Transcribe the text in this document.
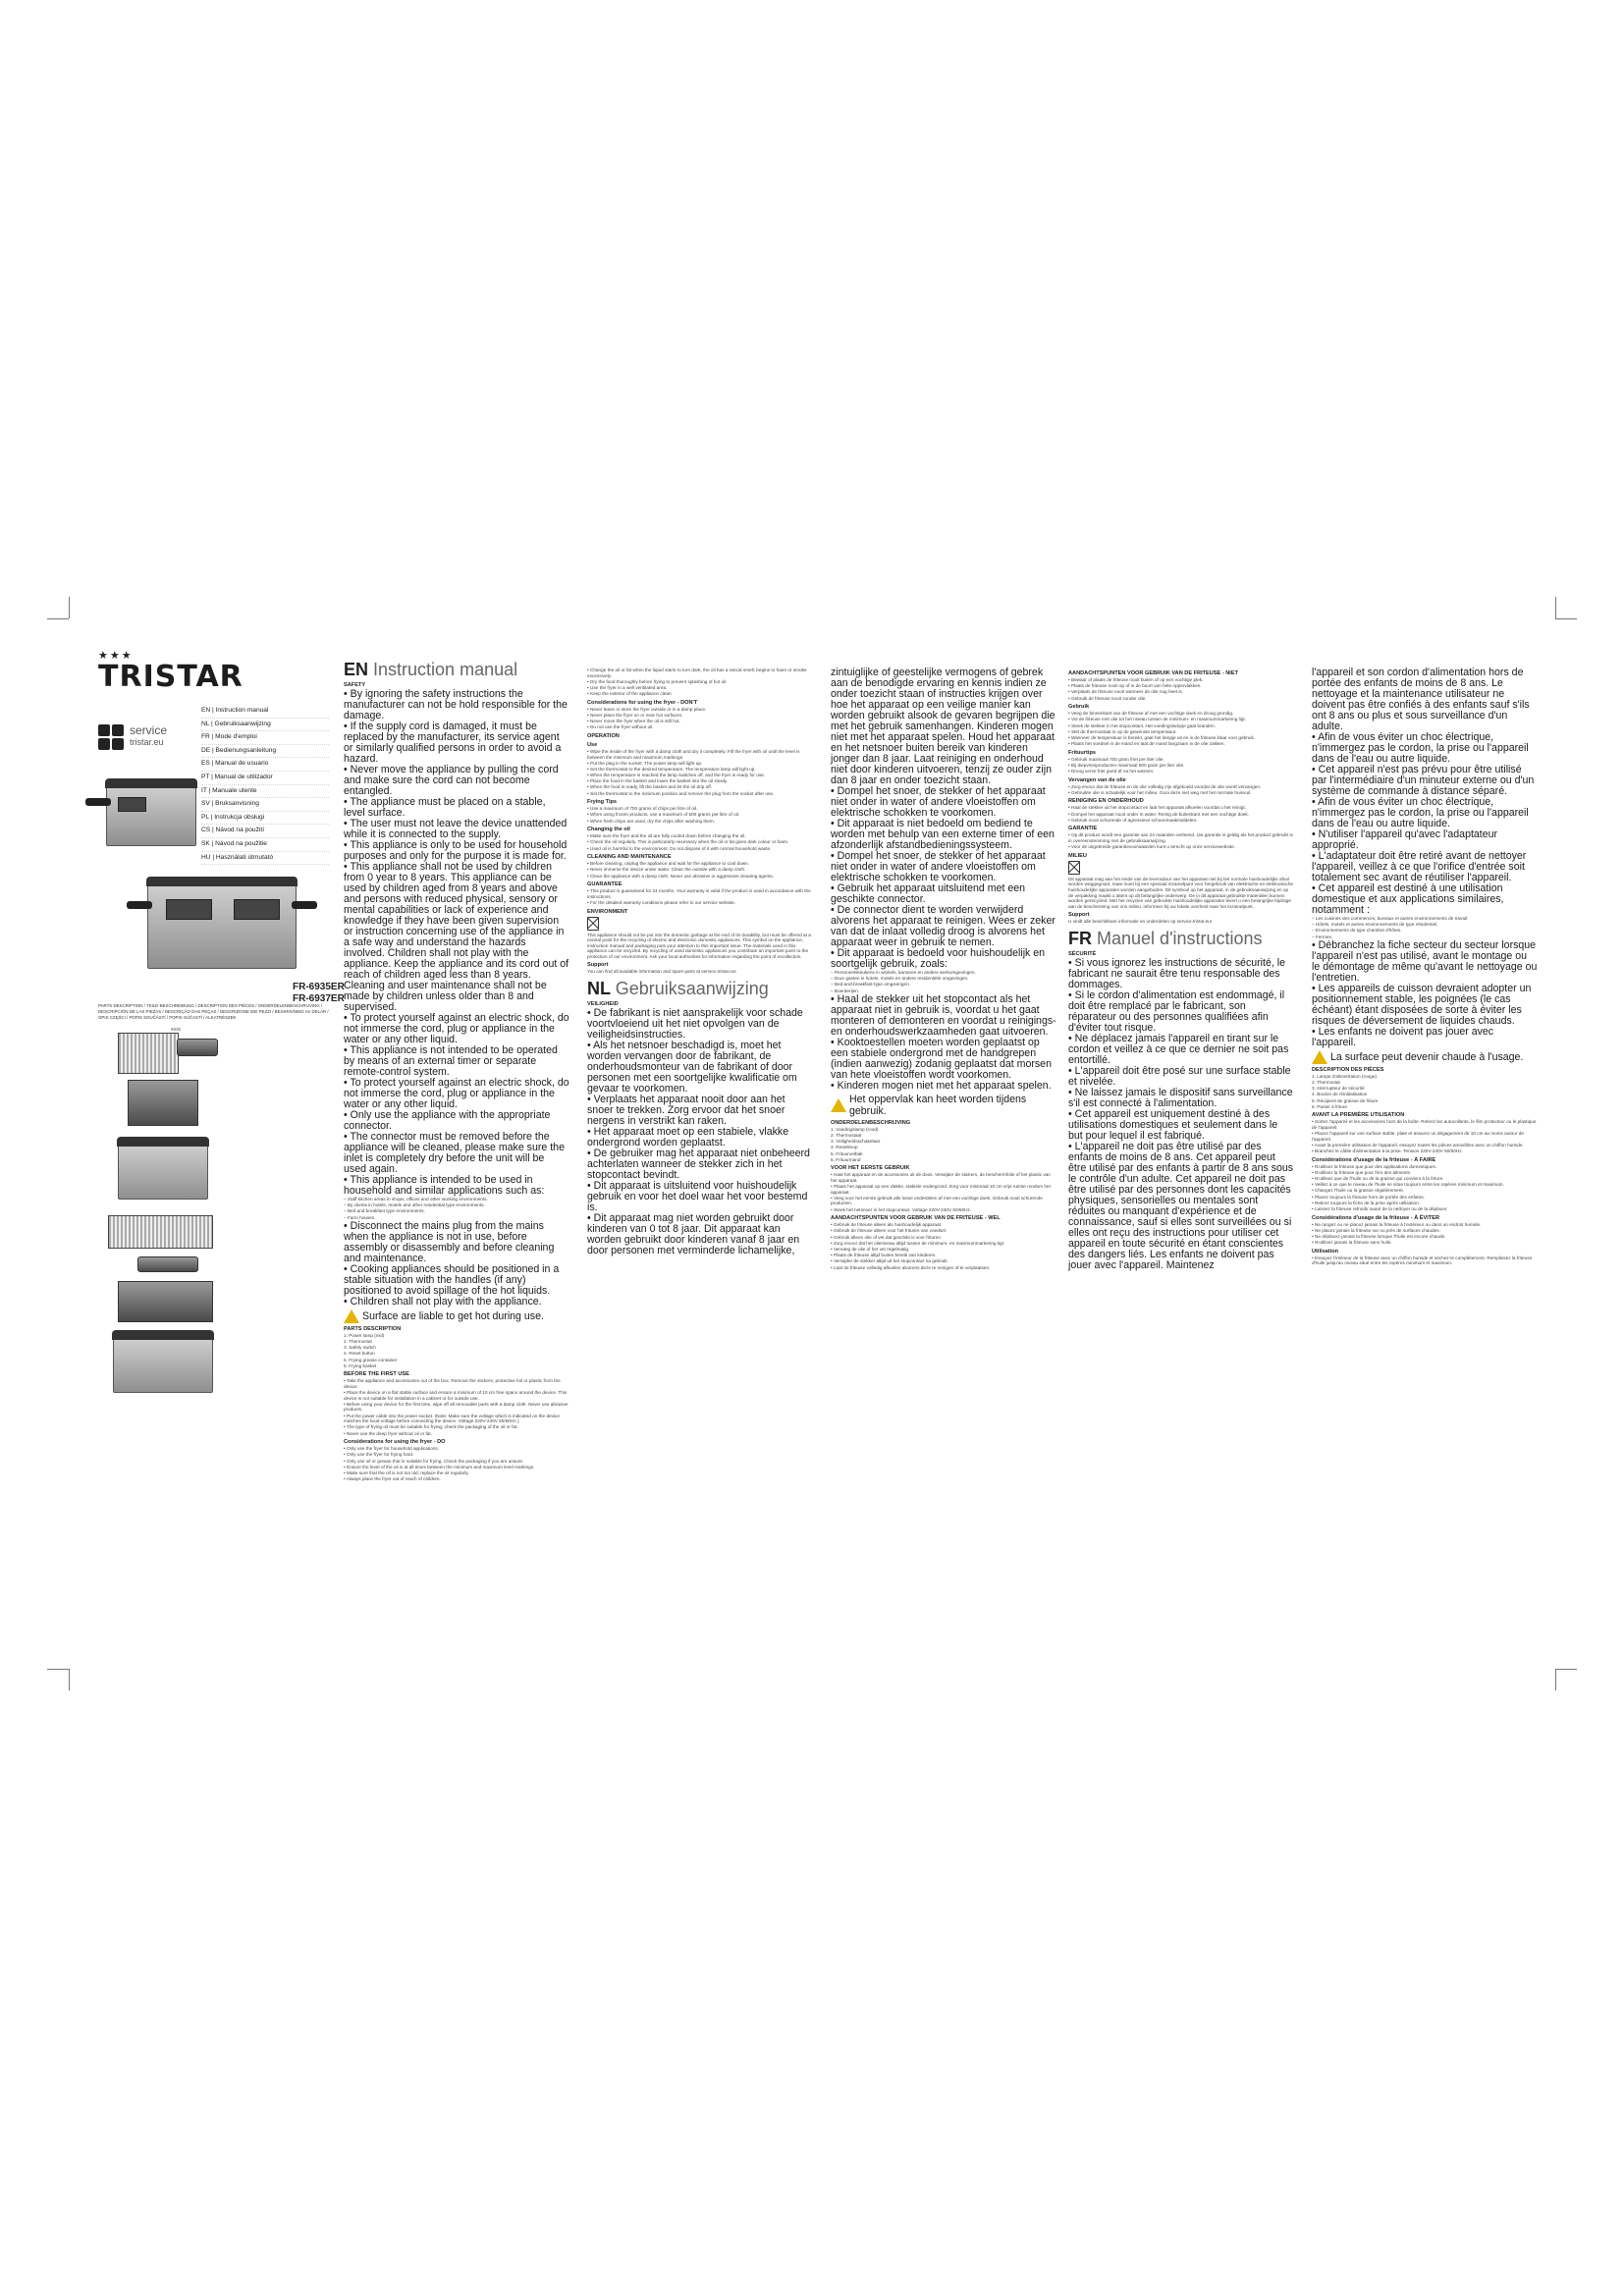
★★★
TRISTAR
service
tristar.eu
EN | Instruction manual
NL | Gebruiksaanwijzing
FR | Mode d'emploi
DE | Bedienungsanleitung
ES | Manual de usuario
PT | Manual de utilizador
IT | Manuale utente
SV | Bruksanvisning
PL | Instrukcja obsługi
CS | Návod na použití
SK | Návod na použitie
HU | Használati útmutató
FR-6935ER
FR-6937ER
PARTS DESCRIPTION / TEILE-BESCHREIBUNG / DESCRIPTION DES PIÈCES / ONDERDELENBESCHRIJVING / DESCRIPCIÓN DE LAS PIEZAS / DESCRIÇÃO DAS PEÇAS / DESCRIZIONE DEI PEZZI / BESKRIVNING AV DELAR / OPIS CZĘŚCI / POPIS SOUČÁSTÍ / POPIS SÚČASTÍ / ALKATRÉSZEK
6935
EN Instruction manual
SAFETY

• By ignoring the safety instructions the manufacturer can not be hold responsible for the damage.

• If the supply cord is damaged, it must be replaced by the manufacturer, its service agent or similarly qualified persons in order to avoid a hazard.

• Never move the appliance by pulling the cord and make sure the cord can not become entangled.

• The appliance must be placed on a stable, level surface.

• The user must not leave the device unattended while it is connected to the supply.

• This appliance is only to be used for household purposes and only for the purpose it is made for.

• This appliance shall not be used by children from 0 year to 8 years. This appliance can be used by children aged from 8 years and above and persons with reduced physical, sensory or mental capabilities or lack of experience and knowledge if they have been given supervision or instruction concerning use of the appliance in a safe way and understand the hazards involved. Children shall not play with the appliance. Keep the appliance and its cord out of reach of children aged less than 8 years. Cleaning and user maintenance shall not be made by children unless older than 8 and supervised.

• To protect yourself against an electric shock, do not immerse the cord, plug or appliance in the water or any other liquid.

• This appliance is not intended to be operated by means of an external timer or separate remote-control system.

• To protect yourself against an electric shock, do not immerse the cord, plug or appliance in the water or any other liquid.

• Only use the appliance with the appropriate connector.

• The connector must be removed before the appliance will be cleaned, please make sure the inlet is completely dry before the unit will be used again.

• This appliance is intended to be used in household and similar applications such as:

– Staff kitchen areas in shops, offices and other working environments.

– By clients in hotels, motels and other residential type environments.

– Bed and breakfast type environments.

– Farm houses.

• Disconnect the mains plug from the mains when the appliance is not in use, before assembly or disassembly and before cleaning and maintenance.

• Cooking appliances should be positioned in a stable situation with the handles (if any) positioned to avoid spillage of the hot liquids.

• Children shall not play with the appliance.

Surface are liable to get hot during use.
PARTS DESCRIPTION

1. Power lamp (red)

2. Thermostat

3. Safety switch

4. Reset button

5. Frying grease container

6. Frying basket

BEFORE THE FIRST USE

• Take the appliance and accessories out of the box. Remove the stickers, protective foil or plastic from the device.

• Place the device on a flat stable surface and ensure a minimum of 10 cm free space around the device. This device is not suitable for installation in a cabinet or for outside use.

• Before using your device for the first time, wipe off all removable parts with a damp cloth. Never use abrasive products.

• Put the power cable into the power socket. (Note: Make sure the voltage which is indicated on the device matches the local voltage before connecting the device. Voltage 220V-240V 50/60Hz.)

• The type of frying oil must be suitable for frying; check the packaging of the oil or fat.

• Never use the deep fryer without oil or fat.

Considerations for using the fryer - DO

• Only use the fryer for household applications.

• Only use the fryer for frying food.

• Only use oil or grease that is suitable for frying. Check the packaging if you are unsure.

• Ensure the level of the oil is at all times between the minimum and maximum level markings.

• Make sure that the oil is not too old; replace the oil regularly.

• Always place the fryer out of reach of children.

• Change the oil or fat when the liquid starts to turn dark, the oil has a rancid smell, begins to foam or smoke excessively.

• Dry the food thoroughly before frying to prevent splashing of hot oil.

• Use the fryer in a well ventilated area.

• Keep the exterior of the appliance clean.

Considerations for using the fryer - DON'T

• Never leave or store the fryer outside or in a damp place.

• Never place the fryer on or near hot surfaces.

• Never move the fryer when the oil is still hot.

• Do not use the fryer without oil.

OPERATION
Use

• Wipe the inside of the fryer with a damp cloth and dry it completely. Fill the fryer with oil until the level is between the minimum and maximum markings.

• Put the plug in the socket. The power lamp will light up.

• Set the thermostat to the desired temperature. The temperature lamp will light up.

• When the temperature is reached the lamp switches off, and the fryer is ready for use.

• Place the food in the basket and lower the basket into the oil slowly.

• When the food is ready, lift the basket and let the oil drip off.

• Set the thermostat to the minimum position and remove the plug from the socket after use.

Frying Tips

• Use a maximum of 700 grams of chips per litre of oil.

• When using frozen products, use a maximum of 500 grams per litre of oil.

• When fresh chips are used, dry the chips after washing them.

Changing the oil

• Make sure the fryer and the oil are fully cooled down before changing the oil.

• Check the oil regularly. This is particularly necessary when the oil or fat gives dark colour or foam.

• Used oil is harmful to the environment. Do not dispose of it with normal household waste.

CLEANING AND MAINTENANCE

• Before cleaning, unplug the appliance and wait for the appliance to cool down.

• Never immerse the device under water. Clean the outside with a damp cloth.

• Clean the appliance with a damp cloth. Never use abrasive or aggressive cleaning agents.

GUARANTEE

• This product is guaranteed for 24 months. Your warranty is valid if the product is used in accordance with the instructions.

• For the detailed warranty conditions please refer to our service website.

ENVIRONMENT
This appliance should not be put into the domestic garbage at the end of its durability, but must be offered at a central point for the recycling of electric and electronic domestic appliances. This symbol on the appliance, instruction manual and packaging puts your attention to this important issue. The materials used in this appliance can be recycled. By recycling of used domestic appliances you contribute an important push to the protection of our environment. Ask your local authorities for information regarding the point of recollection.
Support
You can find all available information and spare parts at service.tristar.eu!
NL Gebruiksaanwijzing
VEILIGHEID

• De fabrikant is niet aansprakelijk voor schade voortvloeiend uit het niet opvolgen van de veiligheidsinstructies.

• Als het netsnoer beschadigd is, moet het worden vervangen door de fabrikant, de onderhoudsmonteur van de fabrikant of door personen met een soortgelijke kwalificatie om gevaar te voorkomen.

• Verplaats het apparaat nooit door aan het snoer te trekken. Zorg ervoor dat het snoer nergens in verstrikt kan raken.

• Het apparaat moet op een stabiele, vlakke ondergrond worden geplaatst.

• De gebruiker mag het apparaat niet onbeheerd achterlaten wanneer de stekker zich in het stopcontact bevindt.

• Dit apparaat is uitsluitend voor huishoudelijk gebruik en voor het doel waar het voor bestemd is.

• Dit apparaat mag niet worden gebruikt door kinderen van 0 tot 8 jaar. Dit apparaat kan worden gebruikt door kinderen vanaf 8 jaar en door personen met verminderde lichamelijke,

zintuiglijke of geestelijke vermogens of gebrek aan de benodigde ervaring en kennis indien ze onder toezicht staan of instructies krijgen over hoe het apparaat op een veilige manier kan worden gebruikt alsook de gevaren begrijpen die met het gebruik samenhangen. Kinderen mogen niet met het apparaat spelen. Houd het apparaat en het netsnoer buiten bereik van kinderen jonger dan 8 jaar. Laat reiniging en onderhoud niet door kinderen uitvoeren, tenzij ze ouder zijn dan 8 jaar en onder toezicht staan.

• Dompel het snoer, de stekker of het apparaat niet onder in water of andere vloeistoffen om elektrische schokken te voorkomen.

• Dit apparaat is niet bedoeld om bediend te worden met behulp van een externe timer of een afzonderlijk afstandbedieningssysteem.

• Dompel het snoer, de stekker of het apparaat niet onder in water of andere vloeistoffen om elektrische schokken te voorkomen.

• Gebruik het apparaat uitsluitend met een geschikte connector.

• De connector dient te worden verwijderd alvorens het apparaat te reinigen. Wees er zeker van dat de inlaat volledig droog is alvorens het apparaat weer in gebruik te nemen.

• Dit apparaat is bedoeld voor huishoudelijk en soortgelijk gebruik, zoals:

– Personeelskeukens in winkels, kantoren en andere werkomgevingen.

– Door gasten in hotels, motels en andere residentiële omgevingen.

– Bed-and-breakfast-type omgevingen.

– Boerderijen.

• Haal de stekker uit het stopcontact als het apparaat niet in gebruik is, voordat u het gaat monteren of demonteren en voordat u reinigings- en onderhoudswerkzaamheden gaat uitvoeren.

• Kooktoestellen moeten worden geplaatst op een stabiele ondergrond met de handgrepen (indien aanwezig) zodanig geplaatst dat morsen van hete vloeistoffen wordt voorkomen.

• Kinderen mogen niet met het apparaat spelen.

Het oppervlak kan heet worden tijdens gebruik.
ONDERDELENBESCHRIJVING

1. Voedingslamp (rood)

2. Thermostaat

3. Veiligheidsschakelaar

4. Resetknop

5. Frituurvetbak

6. Frituurmand

VOOR HET EERSTE GEBRUIK

• Haal het apparaat en de accessoires uit de doos. Verwijder de stickers, de beschermfolie of het plastic van het apparaat.

• Plaats het apparaat op een vlakke, stabiele ondergrond. Zorg voor minimaal 10 cm vrije ruimte rondom het apparaat.

• Veeg voor het eerste gebruik alle losse onderdelen af met een vochtige doek. Gebruik nooit schurende producten.

• Steek het netsnoer in het stopcontact. Voltage 220V-240V 50/60Hz.

AANDACHTSPUNTEN VOOR GEBRUIK VAN DE FRITEUSE - WEL

• Gebruik de friteuse alleen als huishoudelijk apparaat.

• Gebruik de friteuse alleen voor het frituren van voedsel.

• Gebruik alleen olie of vet dat geschikt is voor frituren.

• Zorg ervoor dat het olieniveau altijd tussen de minimum- en maximummarkering ligt.

• Vervang de olie of het vet regelmatig.

• Plaats de friteuse altijd buiten bereik van kinderen.

• Verwijder de stekker altijd uit het stopcontact na gebruik.

• Laat de friteuse volledig afkoelen alvorens deze te reinigen of te verplaatsen.

AANDACHTSPUNTEN VOOR GEBRUIK VAN DE FRITEUSE - NIET

• Bewaar of plaats de friteuse nooit buiten of op een vochtige plek.

• Plaats de friteuse nooit op of in de buurt van hete oppervlakken.

• Verplaats de friteuse nooit wanneer de olie nog heet is.

• Gebruik de friteuse nooit zonder olie.

Gebruik

• Veeg de binnenkant van de friteuse af met een vochtige doek en droog grondig.

• Vul de friteuse met olie tot het niveau tussen de minimum- en maximummarkering ligt.

• Steek de stekker in het stopcontact. Het voedingslampje gaat branden.

• Stel de thermostaat in op de gewenste temperatuur.

• Wanneer de temperatuur is bereikt, gaat het lampje uit en is de friteuse klaar voor gebruik.

• Plaats het voedsel in de mand en laat de mand langzaam in de olie zakken.

Frituurtips

• Gebruik maximaal 700 gram friet per liter olie.

• Bij diepvriesproducten maximaal 500 gram per liter olie.

• Droog verse friet goed af na het wassen.

Vervangen van de olie

• Zorg ervoor dat de friteuse en de olie volledig zijn afgekoeld voordat de olie wordt vervangen.

• Gebruikte olie is schadelijk voor het milieu. Gooi deze niet weg met het normale huisvuil.

REINIGING EN ONDERHOUD

• Haal de stekker uit het stopcontact en laat het apparaat afkoelen voordat u het reinigt.

• Dompel het apparaat nooit onder in water. Reinig de buitenkant met een vochtige doek.

• Gebruik nooit schurende of agressieve schoonmaakmiddelen.

GARANTIE

• Op dit product wordt een garantie van 24 maanden verleend. Uw garantie is geldig als het product gebruikt is in overeenstemming met de gebruiksaanwijzing.

• Voor de uitgebreide garantievoorwaarden kunt u terecht op onze servicewebsite.

MILIEU
Dit apparaat mag aan het einde van de levensduur van het apparaat niet bij het normale huishoudelijke afval worden weggegooid, maar moet bij een speciaal inzamelpunt voor hergebruik van elektrische en elektronische huishoudelijke apparaten worden aangeboden. Dit symbool op het apparaat, in de gebruiksaanwijzing en op de verpakking maakt u attent op dit belangrijke onderwerp. De in dit apparaat gebruikte materialen kunnen worden gerecycled. Met het recyclen van gebruikte huishoudelijke apparaten levert u een belangrijke bijdrage aan de bescherming van ons milieu. Informeer bij uw lokale overheid naar het inzamelpunt.
Support
U vindt alle beschikbare informatie en onderdelen op service.tristar.eu!
FR Manuel d'instructions
SÉCURITÉ

• Si vous ignorez les instructions de sécurité, le fabricant ne saurait être tenu responsable des dommages.

• Si le cordon d'alimentation est endommagé, il doit être remplacé par le fabricant, son réparateur ou des personnes qualifiées afin d'éviter tout risque.

• Ne déplacez jamais l'appareil en tirant sur le cordon et veillez à ce que ce dernier ne soit pas entortillé.

• L'appareil doit être posé sur une surface stable et nivelée.

• Ne laissez jamais le dispositif sans surveillance s'il est connecté à l'alimentation.

• Cet appareil est uniquement destiné à des utilisations domestiques et seulement dans le but pour lequel il est fabriqué.

• L'appareil ne doit pas être utilisé par des enfants de moins de 8 ans. Cet appareil peut être utilisé par des enfants à partir de 8 ans sous le contrôle d'un adulte. Cet appareil ne doit pas être utilisé par des personnes dont les capacités physiques, sensorielles ou mentales sont réduites ou manquant d'expérience et de connaissance, sauf si elles sont surveillées ou si elles ont reçu des instructions pour utiliser cet appareil en toute sécurité en étant conscientes des dangers liés. Les enfants ne doivent pas jouer avec l'appareil. Maintenez

l'appareil et son cordon d'alimentation hors de portée des enfants de moins de 8 ans. Le nettoyage et la maintenance utilisateur ne doivent pas être confiés à des enfants sauf s'ils ont 8 ans ou plus et sous surveillance d'un adulte.

• Afin de vous éviter un choc électrique, n'immergez pas le cordon, la prise ou l'appareil dans de l'eau ou autre liquide.

• Cet appareil n'est pas prévu pour être utilisé par l'intermédiaire d'un minuteur externe ou d'un système de commande à distance séparé.

• Afin de vous éviter un choc électrique, n'immergez pas le cordon, la prise ou l'appareil dans de l'eau ou autre liquide.

• N'utiliser l'appareil qu'avec l'adaptateur approprié.

• L'adaptateur doit être retiré avant de nettoyer l'appareil, veillez à ce que l'orifice d'entrée soit totalement sec avant de réutiliser l'appareil.

• Cet appareil est destiné à une utilisation domestique et aux applications similaires, notamment :

– Les cuisines des commerces, bureaux et autres environnements de travail.

– Hôtels, motels et autres environnements de type résidentiel.

– Environnements de type chambre d'hôtes.

– Fermes.

• Débranchez la fiche secteur du secteur lorsque l'appareil n'est pas utilisé, avant le montage ou le démontage de même qu'avant le nettoyage ou l'entretien.

• Les appareils de cuisson devraient adopter un positionnement stable, les poignées (le cas échéant) étant disposées de sorte à éviter les risques de déversement de liquides chauds.

• Les enfants ne doivent pas jouer avec l'appareil.

La surface peut devenir chaude à l'usage.
DESCRIPTION DES PIÈCES

1. Lampe d'alimentation (rouge)

2. Thermostat

3. Interrupteur de sécurité

4. Bouton de réinitialisation

5. Récipient de graisse de friture

6. Panier à friture

AVANT LA PREMIÈRE UTILISATION

• Sortez l'appareil et les accessoires hors de la boîte. Retirez les autocollants, le film protecteur ou le plastique de l'appareil.

• Placez l'appareil sur une surface stable, plate et assurez un dégagement de 10 cm au moins autour de l'appareil.

• Avant la première utilisation de l'appareil, essuyez toutes les pièces amovibles avec un chiffon humide.

• Branchez le câble d'alimentation à la prise. Tension 220V-240V 50/60Hz.

Considérations d'usage de la friteuse - À FAIRE

• N'utilisez la friteuse que pour des applications domestiques.

• N'utilisez la friteuse que pour frire des aliments.

• N'utilisez que de l'huile ou de la graisse qui convient à la friture.

• Veillez à ce que le niveau de l'huile se situe toujours entre les repères minimum et maximum.

• Changez l'huile ou la graisse régulièrement.

• Placez toujours la friteuse hors de portée des enfants.

• Retirez toujours la fiche de la prise après utilisation.

• Laissez la friteuse refroidir avant de la nettoyer ou de la déplacer.

Considérations d'usage de la friteuse - À ÉVITER

• Ne rangez ou ne placez jamais la friteuse à l'extérieur ou dans un endroit humide.

• Ne placez jamais la friteuse sur ou près de surfaces chaudes.

• Ne déplacez jamais la friteuse lorsque l'huile est encore chaude.

• N'utilisez jamais la friteuse sans huile.

Utilisation

• Essuyez l'intérieur de la friteuse avec un chiffon humide et séchez-le complètement. Remplissez la friteuse d'huile jusqu'au niveau situé entre les repères minimum et maximum.
